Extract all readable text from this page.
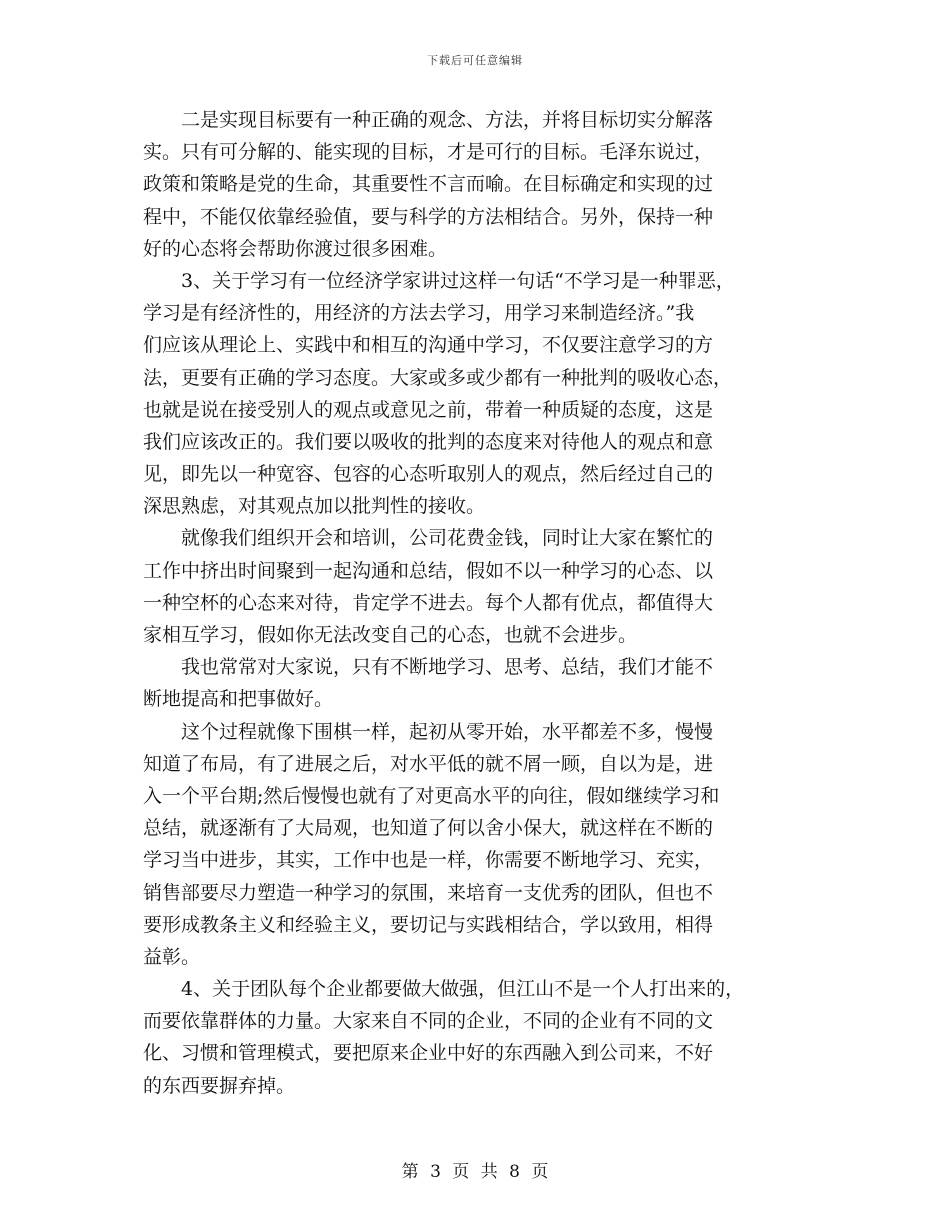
下载后可任意编辑
　　二是实现目标要有一种正确的观念、方法，并将目标切实分解落
实。只有可分解的、能实现的目标，才是可行的目标。毛泽东说过，
政策和策略是党的生命，其重要性不言而喻。在目标确定和实现的过
程中，不能仅依靠经验值，要与科学的方法相结合。另外，保持一种
好的心态将会帮助你渡过很多困难。
　　3、关于学习有一位经济学家讲过这样一句话“不学习是一种罪恶，
学习是有经济性的，用经济的方法去学习，用学习来制造经济。”我
们应该从理论上、实践中和相互的沟通中学习，不仅要注意学习的方
法，更要有正确的学习态度。大家或多或少都有一种批判的吸收心态，
也就是说在接受别人的观点或意见之前，带着一种质疑的态度，这是
我们应该改正的。我们要以吸收的批判的态度来对待他人的观点和意
见，即先以一种宽容、包容的心态听取别人的观点，然后经过自己的
深思熟虑，对其观点加以批判性的接收。
　　就像我们组织开会和培训，公司花费金钱，同时让大家在繁忙的
工作中挤出时间聚到一起沟通和总结，假如不以一种学习的心态、以
一种空杯的心态来对待，肯定学不进去。每个人都有优点，都值得大
家相互学习，假如你无法改变自己的心态，也就不会进步。
　　我也常常对大家说，只有不断地学习、思考、总结，我们才能不
断地提高和把事做好。
　　这个过程就像下围棋一样，起初从零开始，水平都差不多，慢慢
知道了布局，有了进展之后，对水平低的就不屑一顾，自以为是，进
入一个平台期;然后慢慢也就有了对更高水平的向往，假如继续学习和
总结，就逐渐有了大局观，也知道了何以舍小保大，就这样在不断的
学习当中进步，其实，工作中也是一样，你需要不断地学习、充实，
销售部要尽力塑造一种学习的氛围，来培育一支优秀的团队，但也不
要形成教条主义和经验主义，要切记与实践相结合，学以致用，相得
益彰。
　　4、关于团队每个企业都要做大做强，但江山不是一个人打出来的，
而要依靠群体的力量。大家来自不同的企业，不同的企业有不同的文
化、习惯和管理模式，要把原来企业中好的东西融入到公司来，不好
的东西要摒弃掉。
第 3 页 共 8 页
